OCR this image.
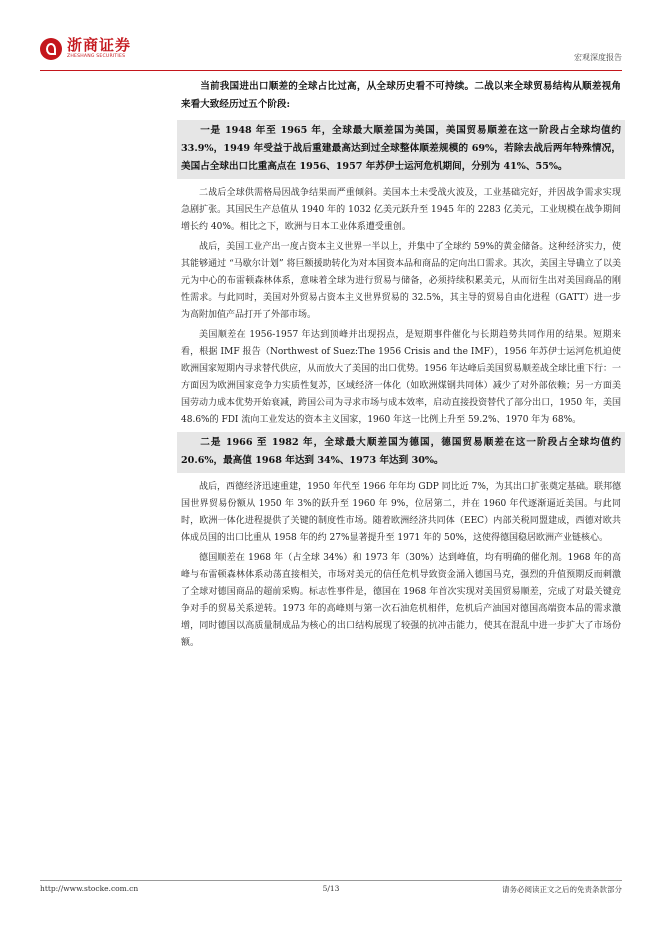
浙商证券
ZHESHANG SECURITIES	宏观深度报告

当前我国进出口顺差的全球占比过高，从全球历史看不可持续。二战以来全球贸易结构从顺差视角来看大致经历过五个阶段:

一是 1948 年至 1965 年，全球最大顺差国为美国，美国贸易顺差在这一阶段占全球均值约 33.9%，1949 年受益于战后重建最高达到过全球整体顺差规模的 69%，若除去战后两年特殊情况，美国占全球出口比重高点在 1956、1957 年苏伊士运河危机期间，分别为 41%、55%。

二战后全球供需格局因战争结果而严重倾斜。美国本土未受战火波及，工业基础完好，并因战争需求实现急剧扩张。其国民生产总值从 1940 年的 1032 亿美元跃升至 1945 年的 2283 亿美元，工业规模在战争期间增长约 40%。相比之下，欧洲与日本工业体系遭受重创。

战后，美国工业产出一度占资本主义世界一半以上，并集中了全球约 59%的黄金储备。这种经济实力，使其能够通过 “马歇尔计划” 将巨额援助转化为对本国资本品和商品的定向出口需求。其次，美国主导确立了以美元为中心的布雷顿森林体系，意味着全球为进行贸易与储备，必须持续积累美元，从而衍生出对美国商品的刚性需求。与此同时，美国对外贸易占资本主义世界贸易的 32.5%，其主导的贸易自由化进程（GATT）进一步为高附加值产品打开了外部市场。

美国顺差在 1956-1957 年达到顶峰并出现拐点，是短期事件催化与长期趋势共同作用的结果。短期来看，根据 IMF 报告（Northwest of Suez:The 1956 Crisis and the IMF），1956 年苏伊士运河危机迫使欧洲国家短期内寻求替代供应，从而放大了美国的出口优势。1956 年达峰后美国贸易顺差战全球比重下行：一方面因为欧洲国家竞争力实质性复苏，区域经济一体化（如欧洲煤钢共同体）减少了对外部依赖；另一方面美国劳动力成本优势开始衰减，跨国公司为寻求市场与成本效率，启动直接投资替代了部分出口，1950 年，美国 48.6%的 FDI 流向工业发达的资本主义国家，1960 年这一比例上升至 59.2%、1970 年为 68%。

二是 1966 至 1982 年，全球最大顺差国为德国，德国贸易顺差在这一阶段占全球均值约 20.6%，最高值 1968 年达到 34%、1973 年达到 30%。

战后，西德经济迅速重建，1950 年代至 1966 年年均 GDP 同比近 7%，为其出口扩张奠定基础。联邦德国世界贸易份额从 1950 年 3%的跃升至 1960 年 9%，位居第二，并在 1960 年代逐渐逼近美国。与此同时，欧洲一体化进程提供了关键的制度性市场。随着欧洲经济共同体（EEC）内部关税同盟建成，西德对欧共体成员国的出口比重从 1958 年的约 27%显著提升至 1971 年的 50%，这使得德国稳居欧洲产业链核心。

德国顺差在 1968 年（占全球 34%）和 1973 年（30%）达到峰值，均有明确的催化剂。1968 年的高峰与布雷顿森林体系动荡直接相关，市场对美元的信任危机导致资金涌入德国马克，强烈的升值预期反而刺激了全球对德国商品的超前采购。标志性事件是，德国在 1968 年首次实现对美国贸易顺差，完成了对最关键竞争对手的贸易关系逆转。1973 年的高峰则与第一次石油危机相伴，危机后产油国对德国高端资本品的需求激增，同时德国以高质量制成品为核心的出口结构展现了较强的抗冲击能力，使其在混乱中进一步扩大了市场份额。

http://www.stocke.com.cn	5/13	请务必阅读正文之后的免责条款部分
